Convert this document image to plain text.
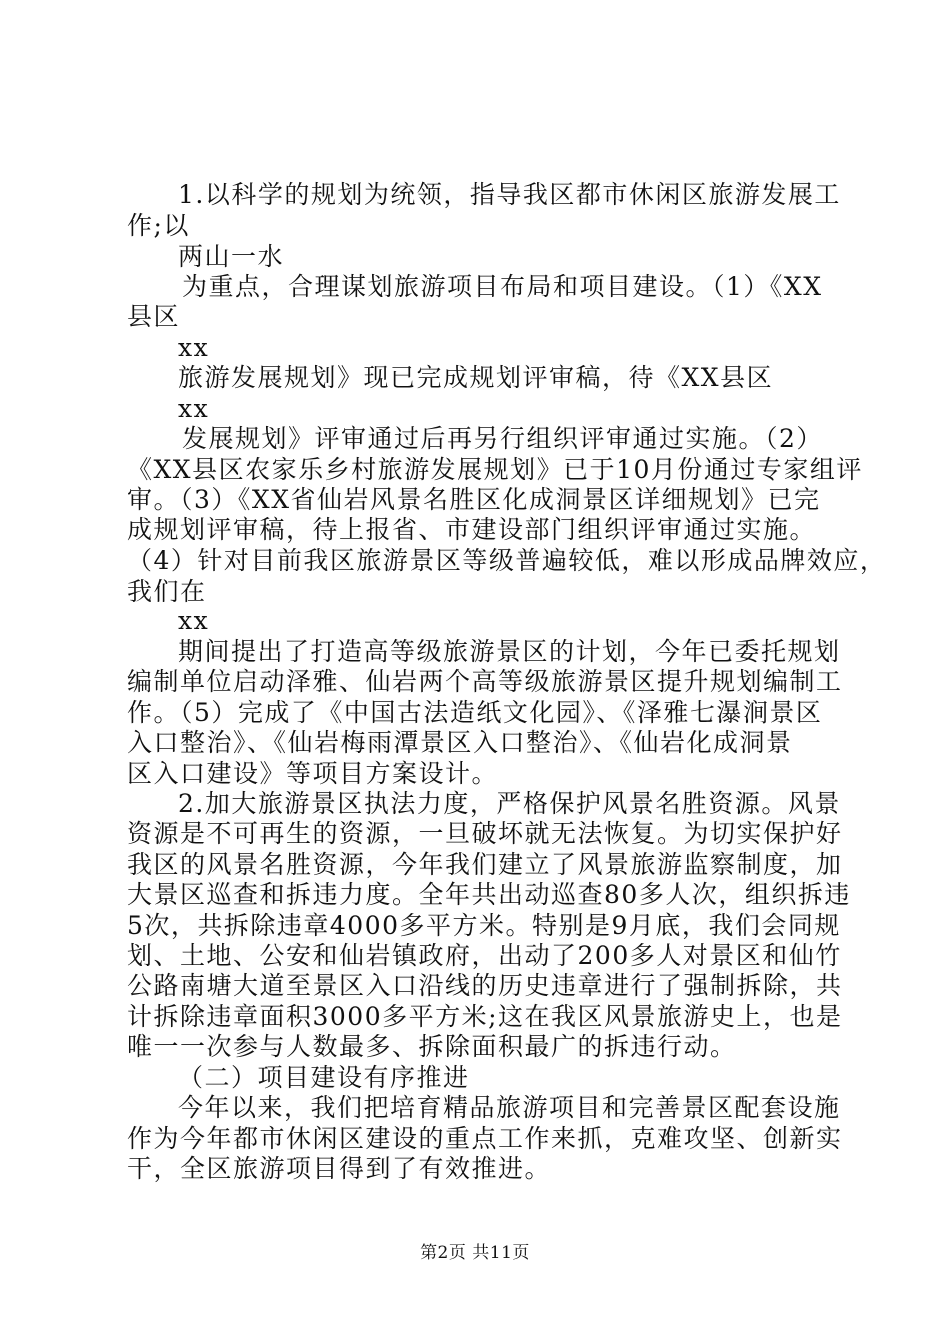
1.以科学的规划为统领，指导我区都市休闲区旅游发展工
作;以
两山一水
为重点，合理谋划旅游项目布局和项目建设。（1）《XX
县区
xx
旅游发展规划》现已完成规划评审稿，待《XX县区
xx
发展规划》评审通过后再另行组织评审通过实施。（2）
《XX县区农家乐乡村旅游发展规划》已于10月份通过专家组评
审。（3）《XX省仙岩风景名胜区化成洞景区详细规划》已完
成规划评审稿，待上报省、市建设部门组织评审通过实施。
（4）针对目前我区旅游景区等级普遍较低，难以形成品牌效应，
我们在
xx
期间提出了打造高等级旅游景区的计划，今年已委托规划
编制单位启动泽雅、仙岩两个高等级旅游景区提升规划编制工
作。（5）完成了《中国古法造纸文化园》、《泽雅七瀑涧景区
入口整治》、《仙岩梅雨潭景区入口整治》、《仙岩化成洞景
区入口建设》等项目方案设计。
2.加大旅游景区执法力度，严格保护风景名胜资源。风景
资源是不可再生的资源，一旦破坏就无法恢复。为切实保护好
我区的风景名胜资源，今年我们建立了风景旅游监察制度，加
大景区巡查和拆违力度。全年共出动巡查80多人次，组织拆违
5次，共拆除违章4000多平方米。特别是9月底，我们会同规
划、土地、公安和仙岩镇政府，出动了200多人对景区和仙竹
公路南塘大道至景区入口沿线的历史违章进行了强制拆除，共
计拆除违章面积3000多平方米;这在我区风景旅游史上，也是
唯一一次参与人数最多、拆除面积最广的拆违行动。
（二）项目建设有序推进
今年以来，我们把培育精品旅游项目和完善景区配套设施
作为今年都市休闲区建设的重点工作来抓，克难攻坚、创新实
干，全区旅游项目得到了有效推进。
第2页 共11页
